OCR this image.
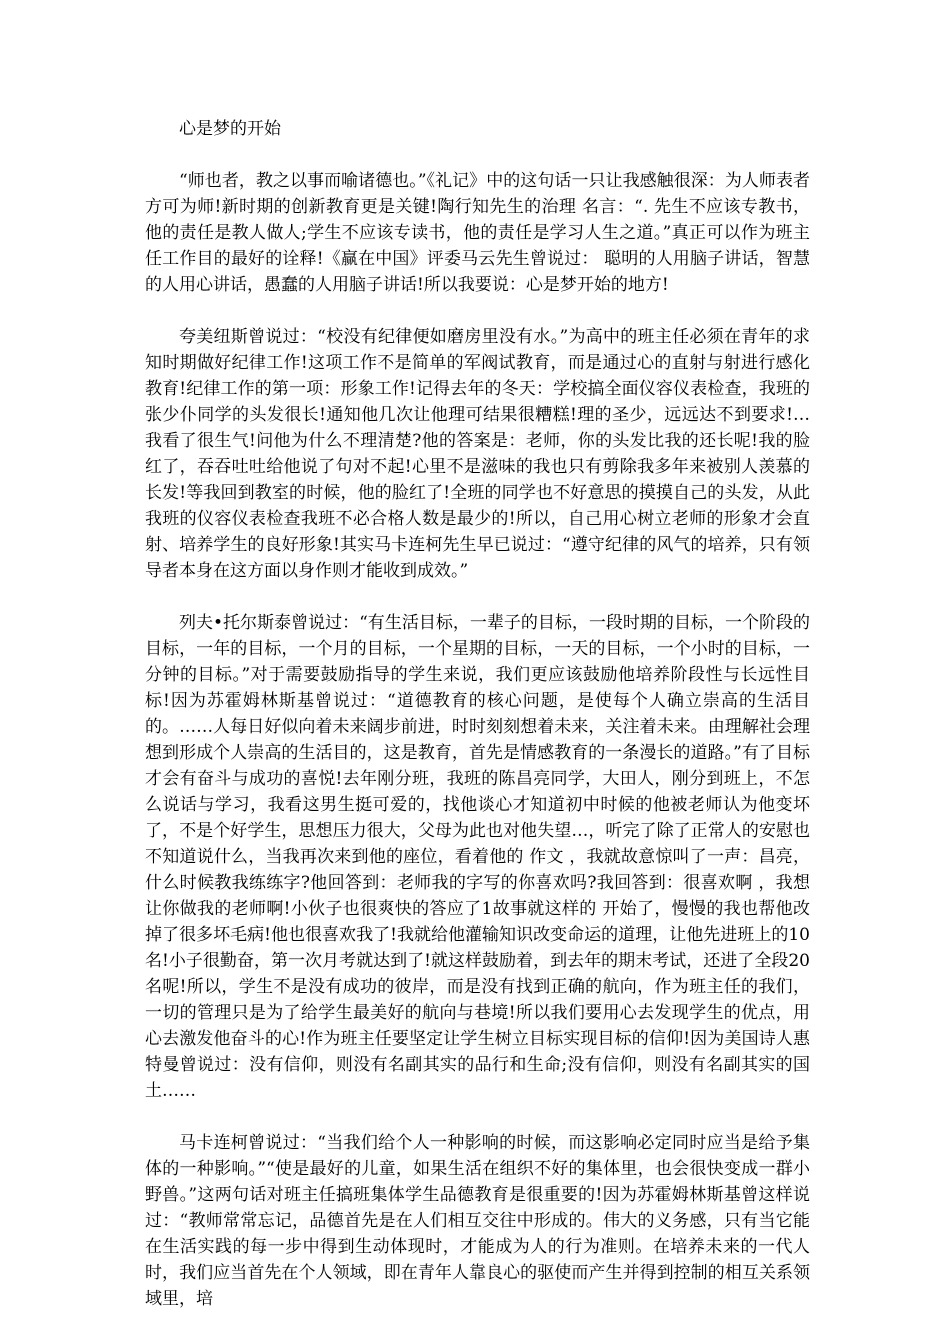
心是梦的开始

“师也者，教之以事而喻诸德也。”《礼记》中的这句话一只让我感触很深：为人师表者方可为师!新时期的创新教育更是关键!陶行知先生的治理 名言：“. 先生不应该专教书，他的责任是教人做人;学生不应该专读书，他的责任是学习人生之道。”真正可以作为班主任工作目的最好的诠释!《赢在中国》评委马云先生曾说过： 聪明的人用脑子讲话，智慧的人用心讲话，愚蠢的人用脑子讲话!所以我要说：心是梦开始的地方!

夸美纽斯曾说过：“校没有纪律便如磨房里没有水。”为高中的班主任必须在青年的求知时期做好纪律工作!这项工作不是简单的军阀试教育，而是通过心的直射与射进行感化教育!纪律工作的第一项：形象工作!记得去年的冬天：学校搞全面仪容仪表检查，我班的张少仆同学的头发很长!通知他几次让他理可结果很糟糕!理的圣少，远远达不到要求!…我看了很生气!问他为什么不理清楚?他的答案是：老师，你的头发比我的还长呢!我的脸红了，吞吞吐吐给他说了句对不起!心里不是滋味的我也只有剪除我多年来被别人羡慕的长发!等我回到教室的时候，他的脸红了!全班的同学也不好意思的摸摸自己的头发，从此我班的仪容仪表检查我班不必合格人数是最少的!所以，自己用心树立老师的形象才会直射、培养学生的良好形象!其实马卡连柯先生早已说过：“遵守纪律的风气的培养，只有领导者本身在这方面以身作则才能收到成效。”

列夫•托尔斯泰曾说过：“有生活目标，一辈子的目标，一段时期的目标，一个阶段的目标，一年的目标，一个月的目标，一个星期的目标，一天的目标，一个小时的目标，一分钟的目标。”对于需要鼓励指导的学生来说，我们更应该鼓励他培养阶段性与长远性目标!因为苏霍姆林斯基曾说过：“道德教育的核心问题，是使每个人确立崇高的生活目的。……人每日好似向着未来阔步前进，时时刻刻想着未来，关注着未来。由理解社会理想到形成个人崇高的生活目的，这是教育，首先是情感教育的一条漫长的道路。”有了目标才会有奋斗与成功的喜悦!去年刚分班，我班的陈昌亮同学，大田人，刚分到班上，不怎么说话与学习，我看这男生挺可爱的，找他谈心才知道初中时候的他被老师认为他变坏了，不是个好学生，思想压力很大，父母为此也对他失望…，听完了除了正常人的安慰也不知道说什么，当我再次来到他的座位，看着他的 作文 ，我就故意惊叫了一声：昌亮，什么时候教我练练字?他回答到：老师我的字写的你喜欢吗?我回答到：很喜欢啊 ，我想让你做我的老师啊!小伙子也很爽快的答应了1故事就这样的 开始了，慢慢的我也帮他改掉了很多坏毛病!他也很喜欢我了!我就给他灌输知识改变命运的道理，让他先进班上的10名!小子很勤奋，第一次月考就达到了!就这样鼓励着，到去年的期末考试，还进了全段20名呢!所以，学生不是没有成功的彼岸，而是没有找到正确的航向，作为班主任的我们，一切的管理只是为了给学生最美好的航向与巷境!所以我们要用心去发现学生的优点，用心去激发他奋斗的心!作为班主任要坚定让学生树立目标实现目标的信仰!因为美国诗人惠特曼曾说过：没有信仰，则没有名副其实的品行和生命;没有信仰，则没有名副其实的国土……

马卡连柯曾说过：“当我们给个人一种影响的时候，而这影响必定同时应当是给予集体的一种影响。”“使是最好的儿童，如果生活在组织不好的集体里，也会很快变成一群小野兽。”这两句话对班主任搞班集体学生品德教育是很重要的!因为苏霍姆林斯基曾这样说过：“教师常常忘记，品德首先是在人们相互交往中形成的。伟大的义务感，只有当它能在生活实践的每一步中得到生动体现时，才能成为人的行为准则。在培养未来的一代人时，我们应当首先在个人领域，即在青年人靠良心的驱使而产生并得到控制的相互关系领域里，培
